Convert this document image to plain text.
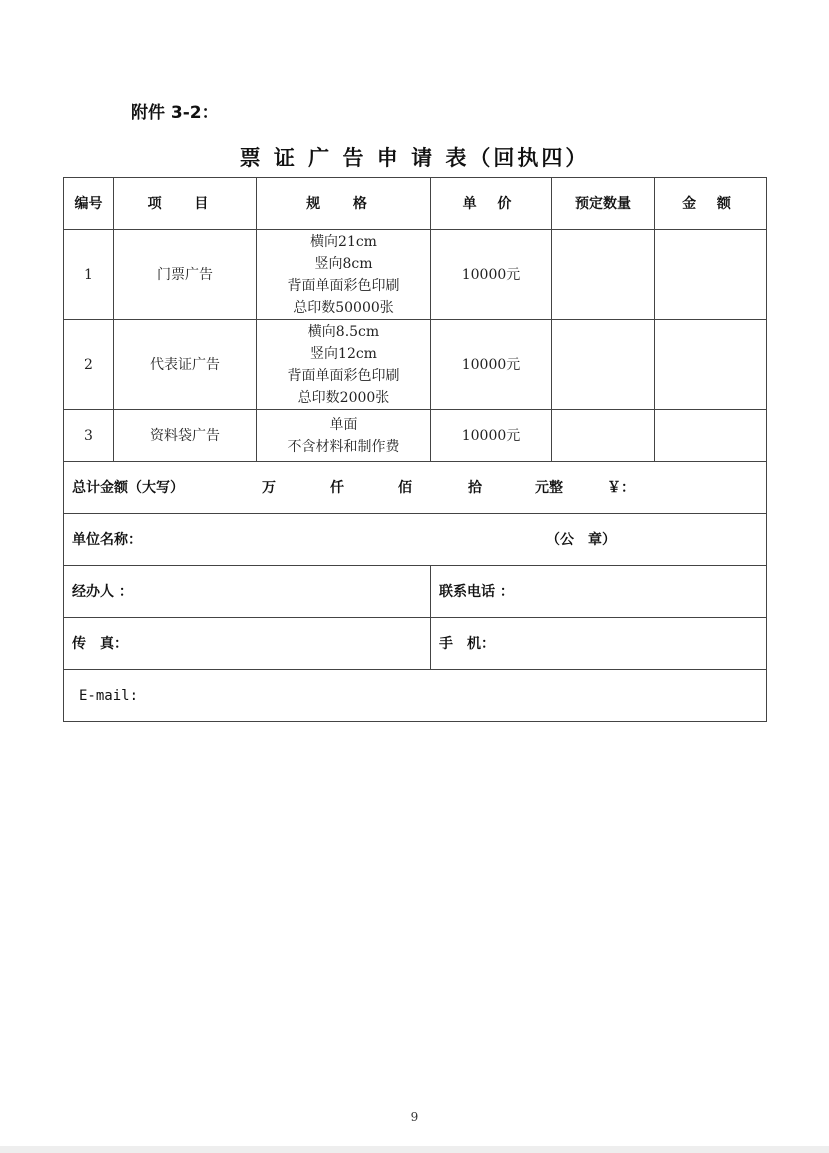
附件 3-2：
票 证 广 告 申 请 表（回执四）
编号	项 目	规 格	单 价	预定数量	金 额
1	门票广告	横向21cm
竖向8cm
背面单面彩色印刷
总印数50000张	10000元		
2	代表证广告	横向8.5cm
竖向12cm
背面单面彩色印刷
总印数2000张	10000元		
3	资料袋广告	单面
不含材料和制作费	10000元		
总计金额（大写） 万 仟 佰 拾 元整 ￥：					
单位名称： （公　章）					

经办人 ：			联系电话 ：		
传　真：			手　机：		
E-mail:					
9
